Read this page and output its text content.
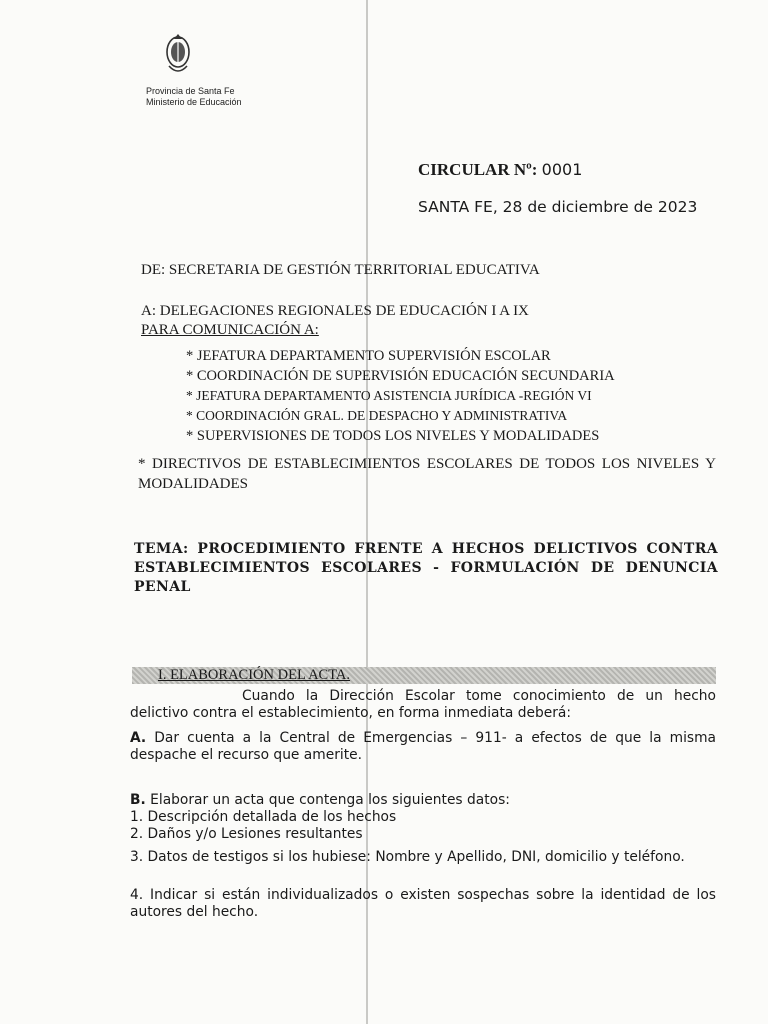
Provincia de Santa Fe
Ministerio de Educación
CIRCULAR Nº: 0001
SANTA FE, 28 de diciembre de 2023
DE: SECRETARIA DE GESTIÓN TERRITORIAL EDUCATIVA
A: DELEGACIONES REGIONALES DE EDUCACIÓN I A IX
PARA COMUNICACIÓN A:
* JEFATURA DEPARTAMENTO SUPERVISIÓN ESCOLAR
* COORDINACIÓN DE SUPERVISIÓN EDUCACIÓN SECUNDARIA
* JEFATURA DEPARTAMENTO ASISTENCIA JURÍDICA -REGIÓN VI
* COORDINACIÓN GRAL. DE DESPACHO Y ADMINISTRATIVA
* SUPERVISIONES DE TODOS LOS NIVELES Y MODALIDADES
* DIRECTIVOS DE ESTABLECIMIENTOS ESCOLARES DE TODOS LOS NIVELES Y MODALIDADES
TEMA: PROCEDIMIENTO FRENTE A HECHOS DELICTIVOS CONTRA ESTABLECIMIENTOS ESCOLARES - FORMULACIÓN DE DENUNCIA PENAL
I. ELABORACIÓN DEL ACTA.
Cuando la Dirección Escolar tome conocimiento de un hecho delictivo contra el establecimiento, en forma inmediata deberá:
A. Dar cuenta a la Central de Emergencias – 911- a efectos de que la misma despache el recurso que amerite.
B. Elaborar un acta que contenga los siguientes datos:
1. Descripción detallada de los hechos
2. Daños y/o Lesiones resultantes
3. Datos de testigos si los hubiese: Nombre y Apellido, DNI, domicilio y teléfono.
4. Indicar si están individualizados o existen sospechas sobre la identidad de los autores del hecho.
